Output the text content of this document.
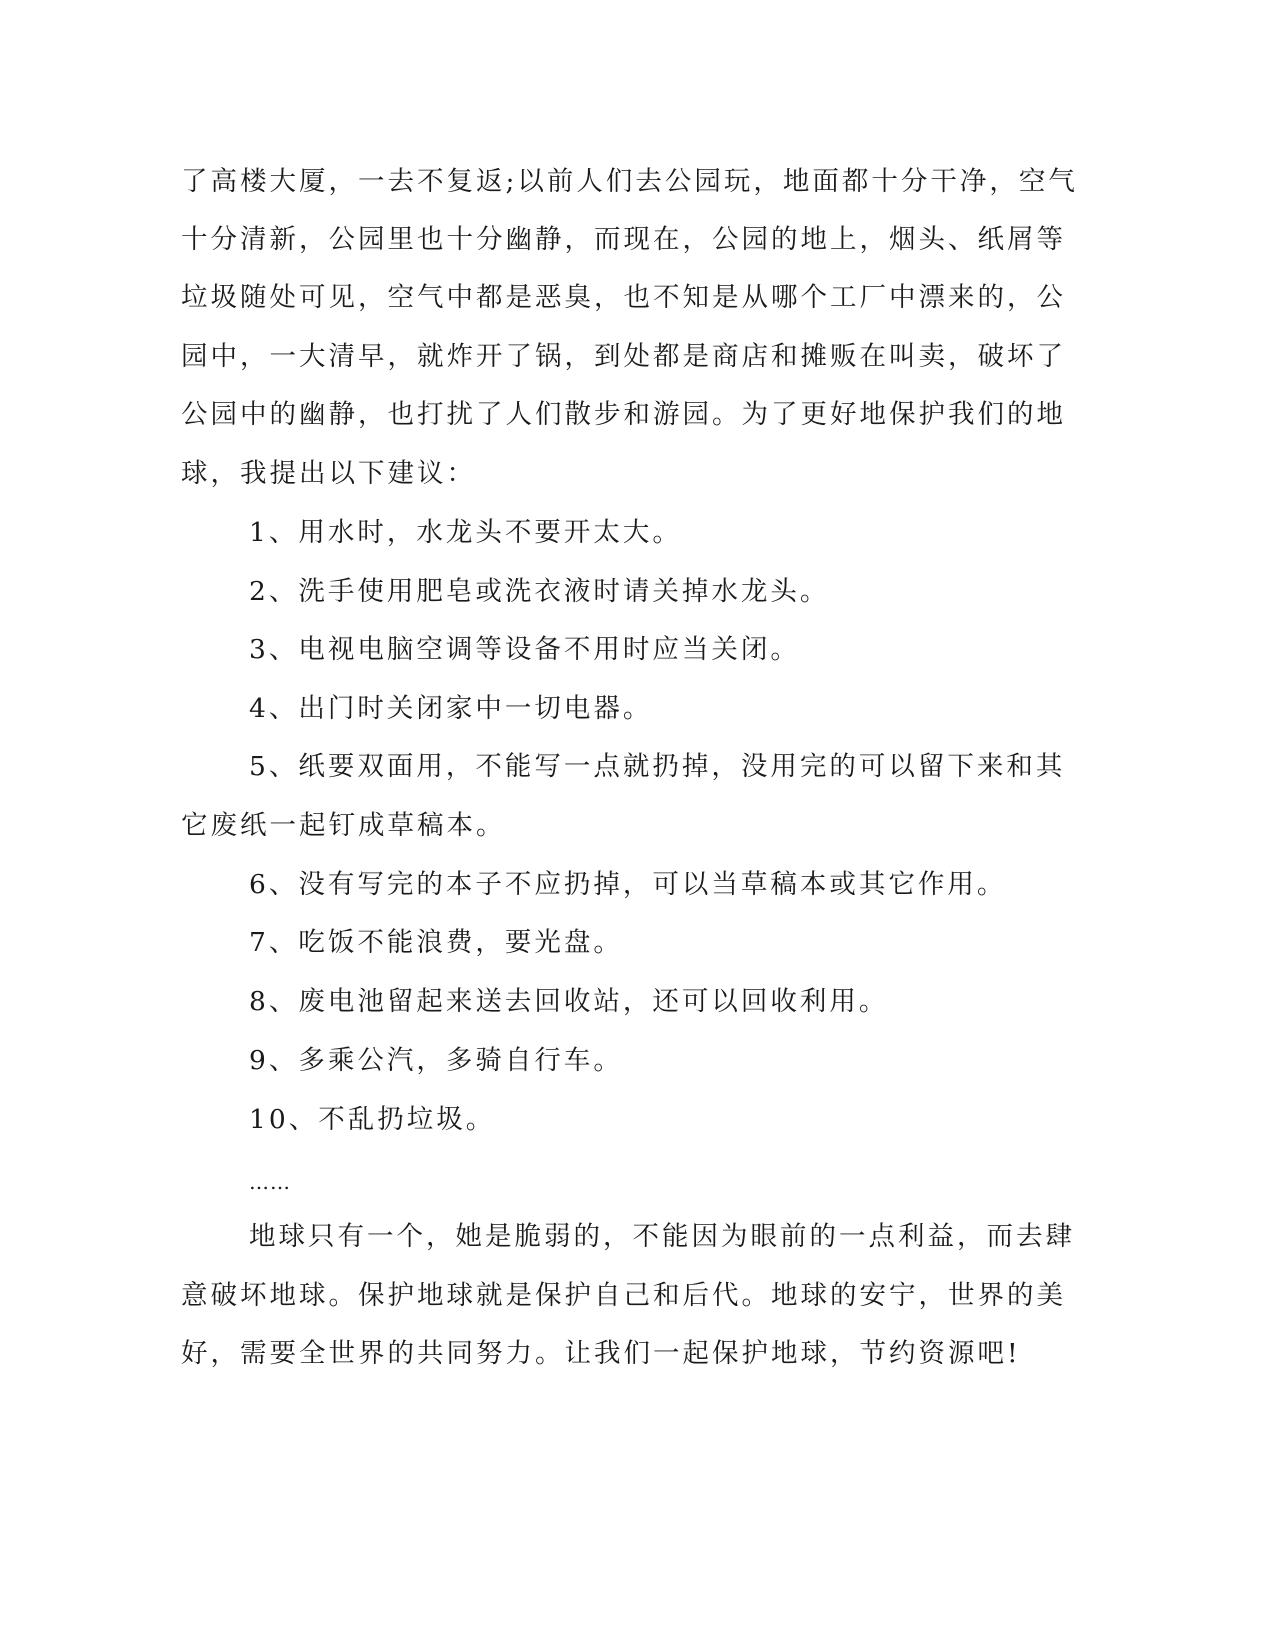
了高楼大厦，一去不复返;以前人们去公园玩，地面都十分干净，空气
十分清新，公园里也十分幽静，而现在，公园的地上，烟头、纸屑等
垃圾随处可见，空气中都是恶臭，也不知是从哪个工厂中漂来的，公
园中，一大清早，就炸开了锅，到处都是商店和摊贩在叫卖，破坏了
公园中的幽静，也打扰了人们散步和游园。为了更好地保护我们的地
球，我提出以下建议：
1、用水时，水龙头不要开太大。
2、洗手使用肥皂或洗衣液时请关掉水龙头。
3、电视电脑空调等设备不用时应当关闭。
4、出门时关闭家中一切电器。
5、纸要双面用，不能写一点就扔掉，没用完的可以留下来和其
它废纸一起钉成草稿本。
6、没有写完的本子不应扔掉，可以当草稿本或其它作用。
7、吃饭不能浪费，要光盘。
8、废电池留起来送去回收站，还可以回收利用。
9、多乘公汽，多骑自行车。
10、不乱扔垃圾。
……
地球只有一个，她是脆弱的，不能因为眼前的一点利益，而去肆
意破坏地球。保护地球就是保护自己和后代。地球的安宁，世界的美
好，需要全世界的共同努力。让我们一起保护地球，节约资源吧!
